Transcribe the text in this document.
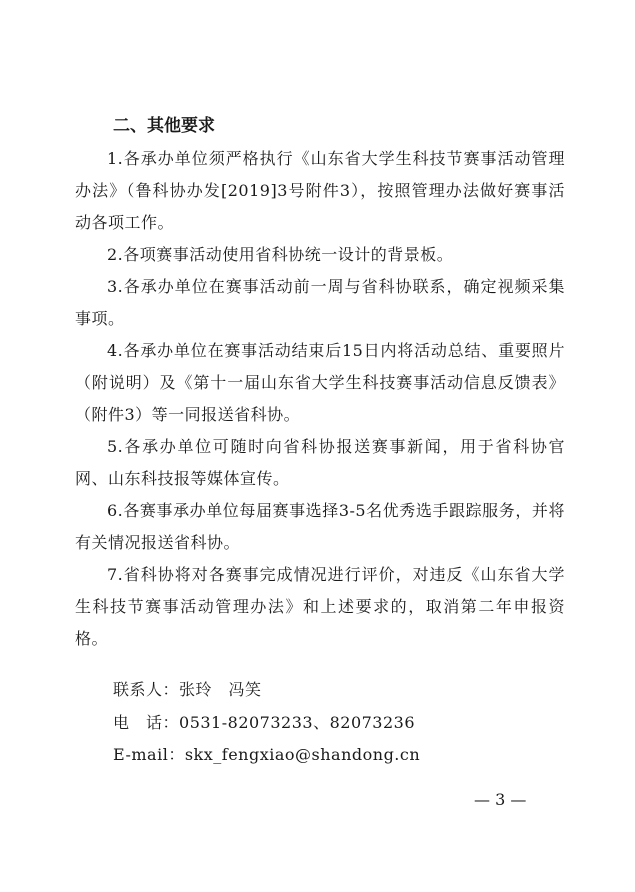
二、其他要求

1.各承办单位须严格执行《山东省大学生科技节赛事活动管理办法》（鲁科协办发[2019]3号附件3），按照管理办法做好赛事活动各项工作。

2.各项赛事活动使用省科协统一设计的背景板。

3.各承办单位在赛事活动前一周与省科协联系，确定视频采集事项。

4.各承办单位在赛事活动结束后15日内将活动总结、重要照片（附说明）及《第十一届山东省大学生科技赛事活动信息反馈表》（附件3）等一同报送省科协。

5.各承办单位可随时向省科协报送赛事新闻，用于省科协官网、山东科技报等媒体宣传。

6.各赛事承办单位每届赛事选择3-5名优秀选手跟踪服务，并将有关情况报送省科协。

7.省科协将对各赛事完成情况进行评价，对违反《山东省大学生科技节赛事活动管理办法》和上述要求的，取消第二年申报资格。

联系人：张玲　冯笑
电　话：0531-82073233、82073236
E-mail：skx_fengxiao@shandong.cn
— 3 —
